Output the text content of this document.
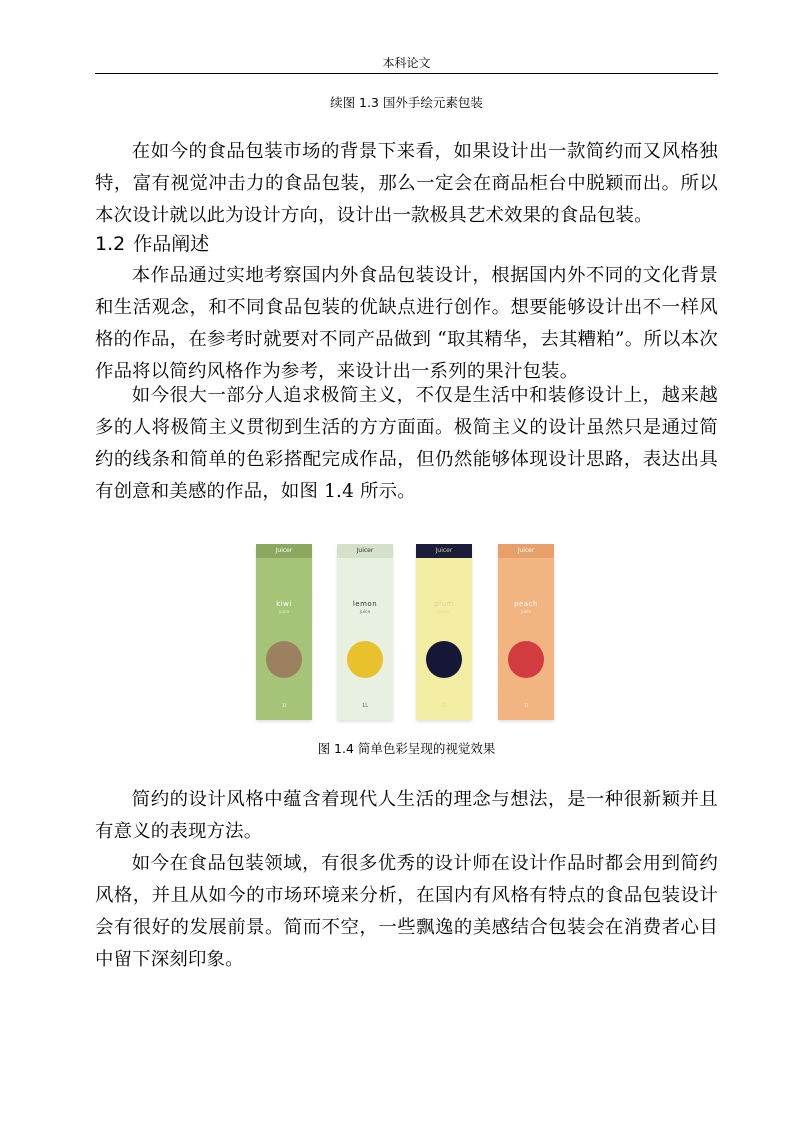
本科论文
续图 1.3 国外手绘元素包装

在如今的食品包装市场的背景下来看，如果设计出一款简约而又风格独特，富有视觉冲击力的食品包装，那么一定会在商品柜台中脱颖而出。所以本次设计就以此为设计方向，设计出一款极具艺术效果的食品包装。

1.2 作品阐述

本作品通过实地考察国内外食品包装设计，根据国内外不同的文化背景和生活观念，和不同食品包装的优缺点进行创作。想要能够设计出不一样风格的作品，在参考时就要对不同产品做到 “取其精华，去其糟粕”。所以本次作品将以简约风格作为参考，来设计出一系列的果汁包装。

如今很大一部分人追求极简主义，不仅是生活中和装修设计上，越来越多的人将极简主义贯彻到生活的方方面面。极简主义的设计虽然只是通过简约的线条和简单的色彩搭配完成作品，但仍然能够体现设计思路，表达出具有创意和美感的作品，如图 1.4 所示。

Juicer
kiwi
juice
1l
Juicer
lemon
juice
1L
Juicer
plum
juice
1l
Juicer
peach
juice
1l
图 1.4 简单色彩呈现的视觉效果

简约的设计风格中蕴含着现代人生活的理念与想法，是一种很新颖并且有意义的表现方法。

如今在食品包装领域，有很多优秀的设计师在设计作品时都会用到简约风格，并且从如今的市场环境来分析，在国内有风格有特点的食品包装设计会有很好的发展前景。简而不空，一些飘逸的美感结合包装会在消费者心目中留下深刻印象。
